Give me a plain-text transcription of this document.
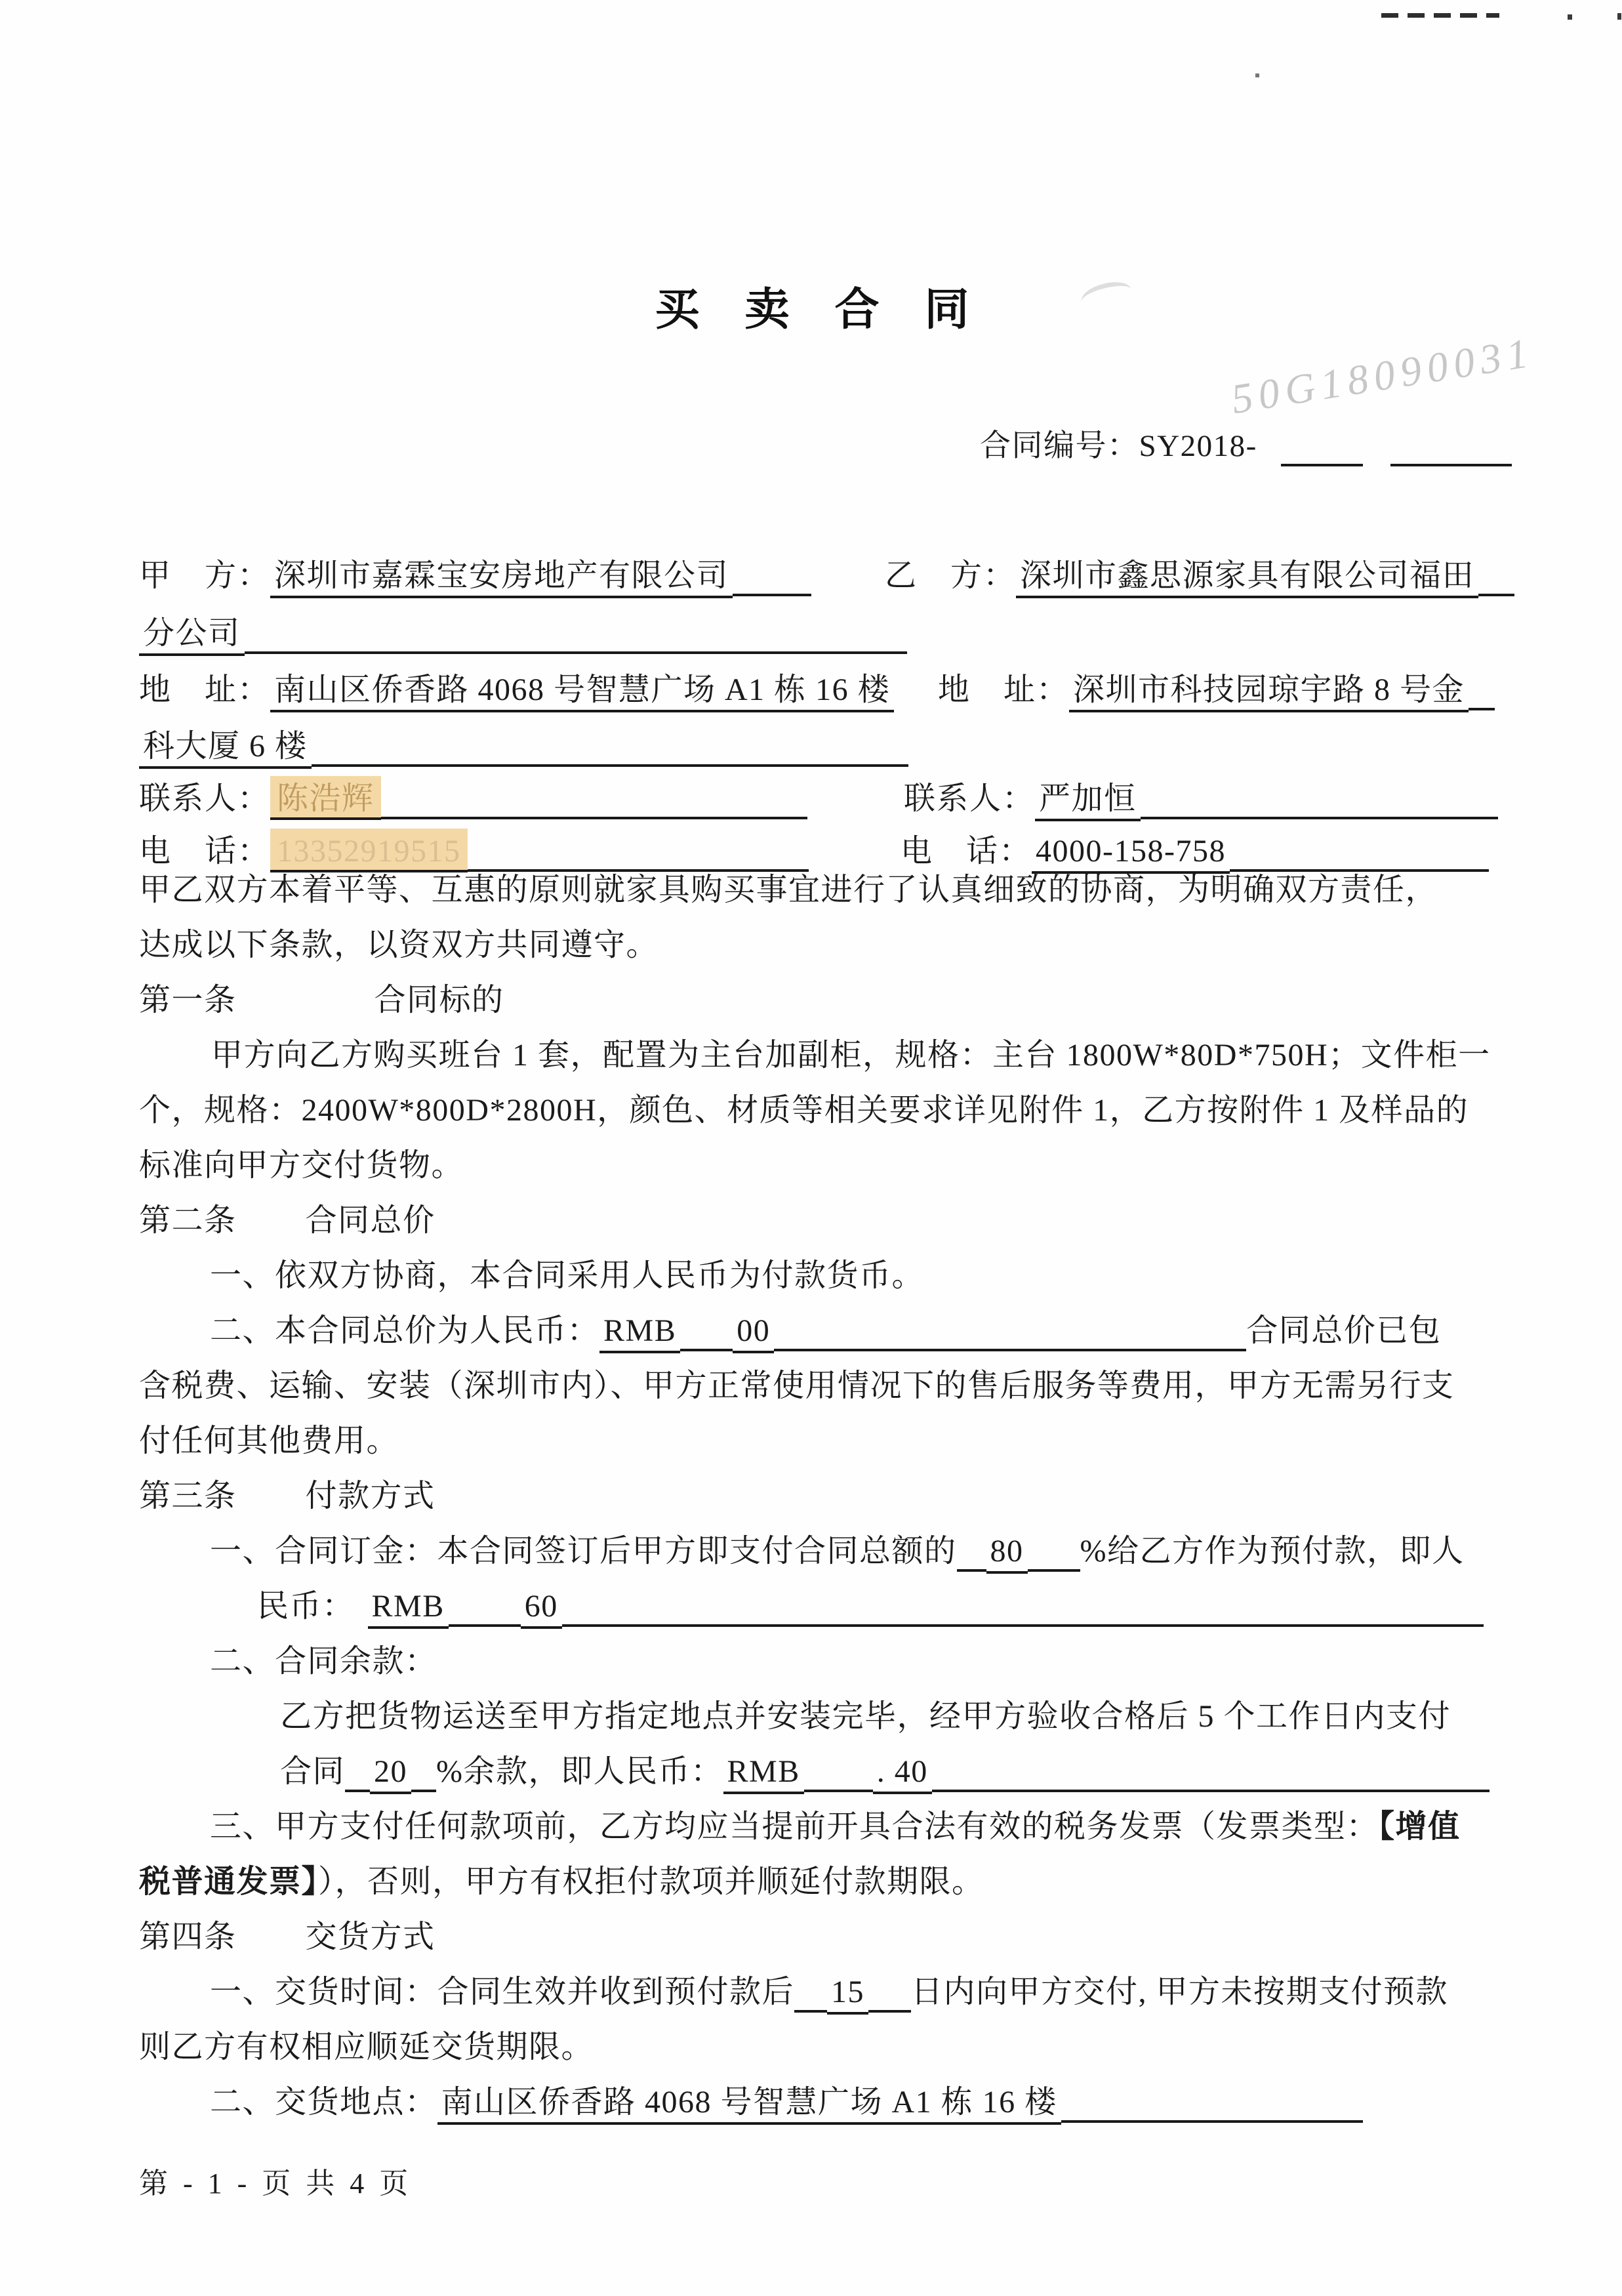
买 卖 合 同
合同编号：SY2018-
50G18090031
甲　方： 深圳市嘉霖宝安房地产有限公司	乙　方： 深圳市鑫思源家具有限公司福田
分公司
地　址： 南山区侨香路 4068 号智慧广场 A1 栋 16 楼 地　址： 深圳市科技园琼宇路 8 号金
科大厦 6 楼
联系人： 陈浩辉	联系人： 严加恒
电　话： 13352919515	电　话： 4000-158-758
甲乙双方本着平等、互惠的原则就家具购买事宜进行了认真细致的协商，为明确双方责任，
达成以下条款，以资双方共同遵守。
第一条	合同标的
甲方向乙方购买班台 1 套，配置为主台加副柜，规格：主台 1800W*80D*750H；文件柜一
个，规格：2400W*800D*2800H，颜色、材质等相关要求详见附件 1，乙方按附件 1 及样品的
标准向甲方交付货物。
第二条 合同总价
一、依双方协商，本合同采用人民币为付款货币。
二、本合同总价为人民币： RMB 00	合同总价已包
含税费、运输、安装（深圳市内）、甲方正常使用情况下的售后服务等费用，甲方无需另行支
付任何其他费用。
第三条 付款方式
一、合同订金：本合同签订后甲方即支付合同总额的 80 %给乙方作为预付款，即人
民币： RMB	60
二、合同余款：
乙方把货物运送至甲方指定地点并安装完毕，经甲方验收合格后 5 个工作日内支付
合同 20 %余款，即人民币： RMB . 40
三、甲方支付任何款项前，乙方均应当提前开具合法有效的税务发票（发票类型：【增值
税普通发票】），否则，甲方有权拒付款项并顺延付款期限。
第四条 交货方式
一、交货时间：合同生效并收到预付款后 15 日内向甲方交付, 甲方未按期支付预款
则乙方有权相应顺延交货期限。
二、交货地点： 南山区侨香路 4068 号智慧广场 A1 栋 16 楼
第 - 1 - 页 共 4 页
